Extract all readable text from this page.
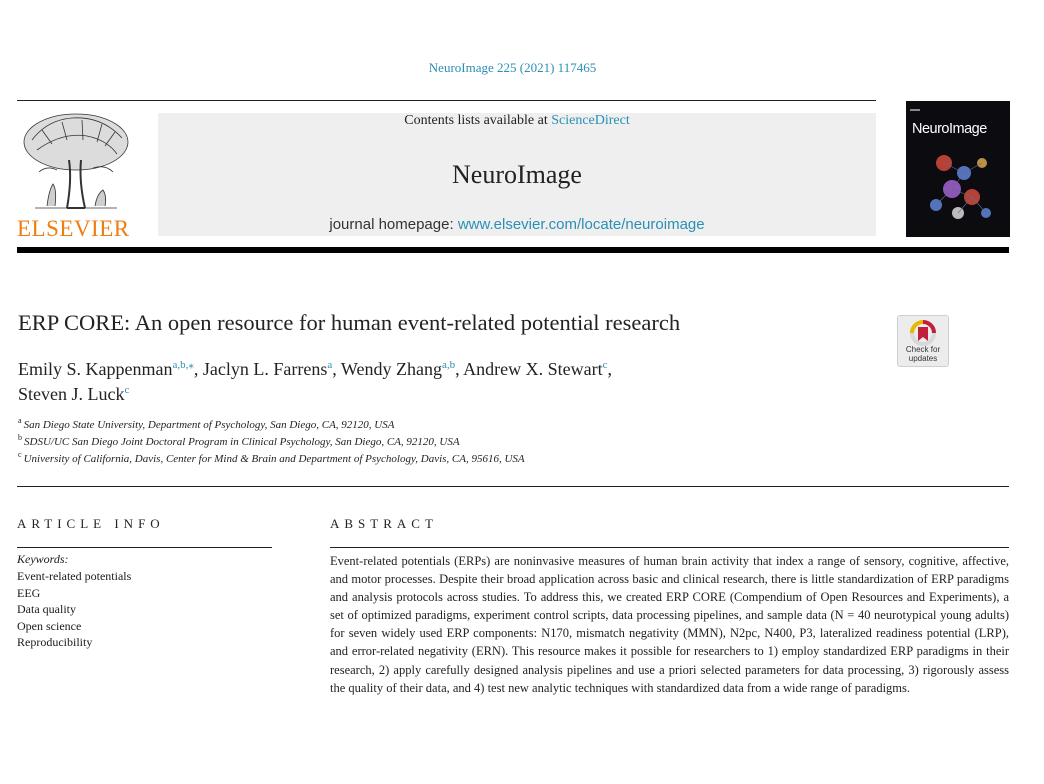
NeuroImage 225 (2021) 117465
ELSEVIER
Contents lists available at ScienceDirect
NeuroImage
journal homepage: www.elsevier.com/locate/neuroimage
NeuroImage
ERP CORE: An open resource for human event-related potential research
Check for
updates
Emily S. Kappenman$^{a,b,⁎}$, Jaclyn L. Farrens$^a$, Wendy Zhang$^{a,b}$, Andrew X. Stewart$^c$,
Steven J. Luck$^c$
$^a$ San Diego State University, Department of Psychology, San Diego, CA, 92120, USA
$^b$ SDSU/UC San Diego Joint Doctoral Program in Clinical Psychology, San Diego, CA, 92120, USA
$^c$ University of California, Davis, Center for Mind & Brain and Department of Psychology, Davis, CA, 95616, USA
ARTICLE INFO
Keywords:
Event-related potentials
EEG
Data quality
Open science
Reproducibility
ABSTRACT
Event-related potentials (ERPs) are noninvasive measures of human brain activity that index a range of sensory, cognitive, affective, and motor processes. Despite their broad application across basic and clinical research, there is little standardization of ERP paradigms and analysis protocols across studies. To address this, we created ERP CORE (Compendium of Open Resources and Experiments), a set of optimized paradigms, experiment control scripts, data processing pipelines, and sample data (N = 40 neurotypical young adults) for seven widely used ERP components: N170, mismatch negativity (MMN), N2pc, N400, P3, lateralized readiness potential (LRP), and error-related negativity (ERN). This resource makes it possible for researchers to 1) employ standardized ERP paradigms in their research, 2) apply carefully designed analysis pipelines and use a priori selected parameters for data processing, 3) rigorously assess the quality of their data, and 4) test new analytic techniques with standardized data from a wide range of paradigms.
